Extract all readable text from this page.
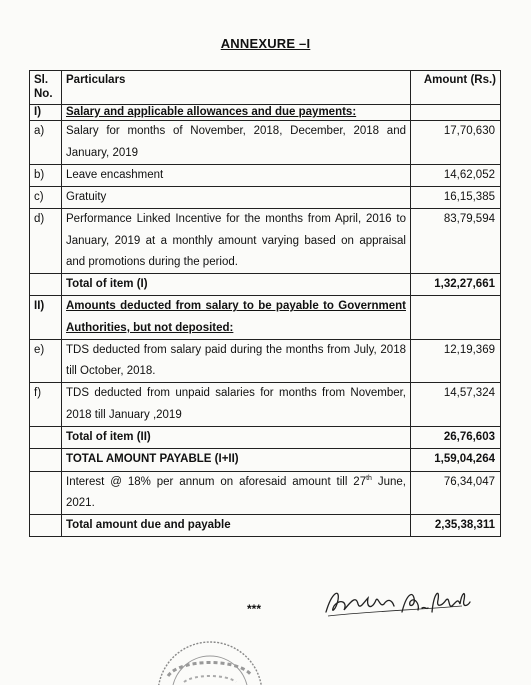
ANNEXURE –I
Sl. No.	Particulars	Amount (Rs.)
I)	Salary and applicable allowances and due payments:	
a)	Salary for months of November, 2018, December, 2018 and January, 2019	17,70,630
b)	Leave encashment	14,62,052
c)	Gratuity	16,15,385
d)	Performance Linked Incentive for the months from April, 2016 to January, 2019 at a monthly amount varying based on appraisal and promotions during the period.	83,79,594
	Total of item (I)	1,32,27,661
II)	Amounts deducted from salary to be payable to Government Authorities, but not deposited:	
e)	TDS deducted from salary paid during the months from July, 2018 till October, 2018.	12,19,369
f)	TDS deducted from unpaid salaries for months from November, 2018 till January ,2019	14,57,324
	Total of item (II)	26,76,603
	TOTAL AMOUNT PAYABLE (I+II)	1,59,04,264
	Interest @ 18% per annum on aforesaid amount till 27th June, 2021.	76,34,047
	Total amount due and payable	2,35,38,311
***
